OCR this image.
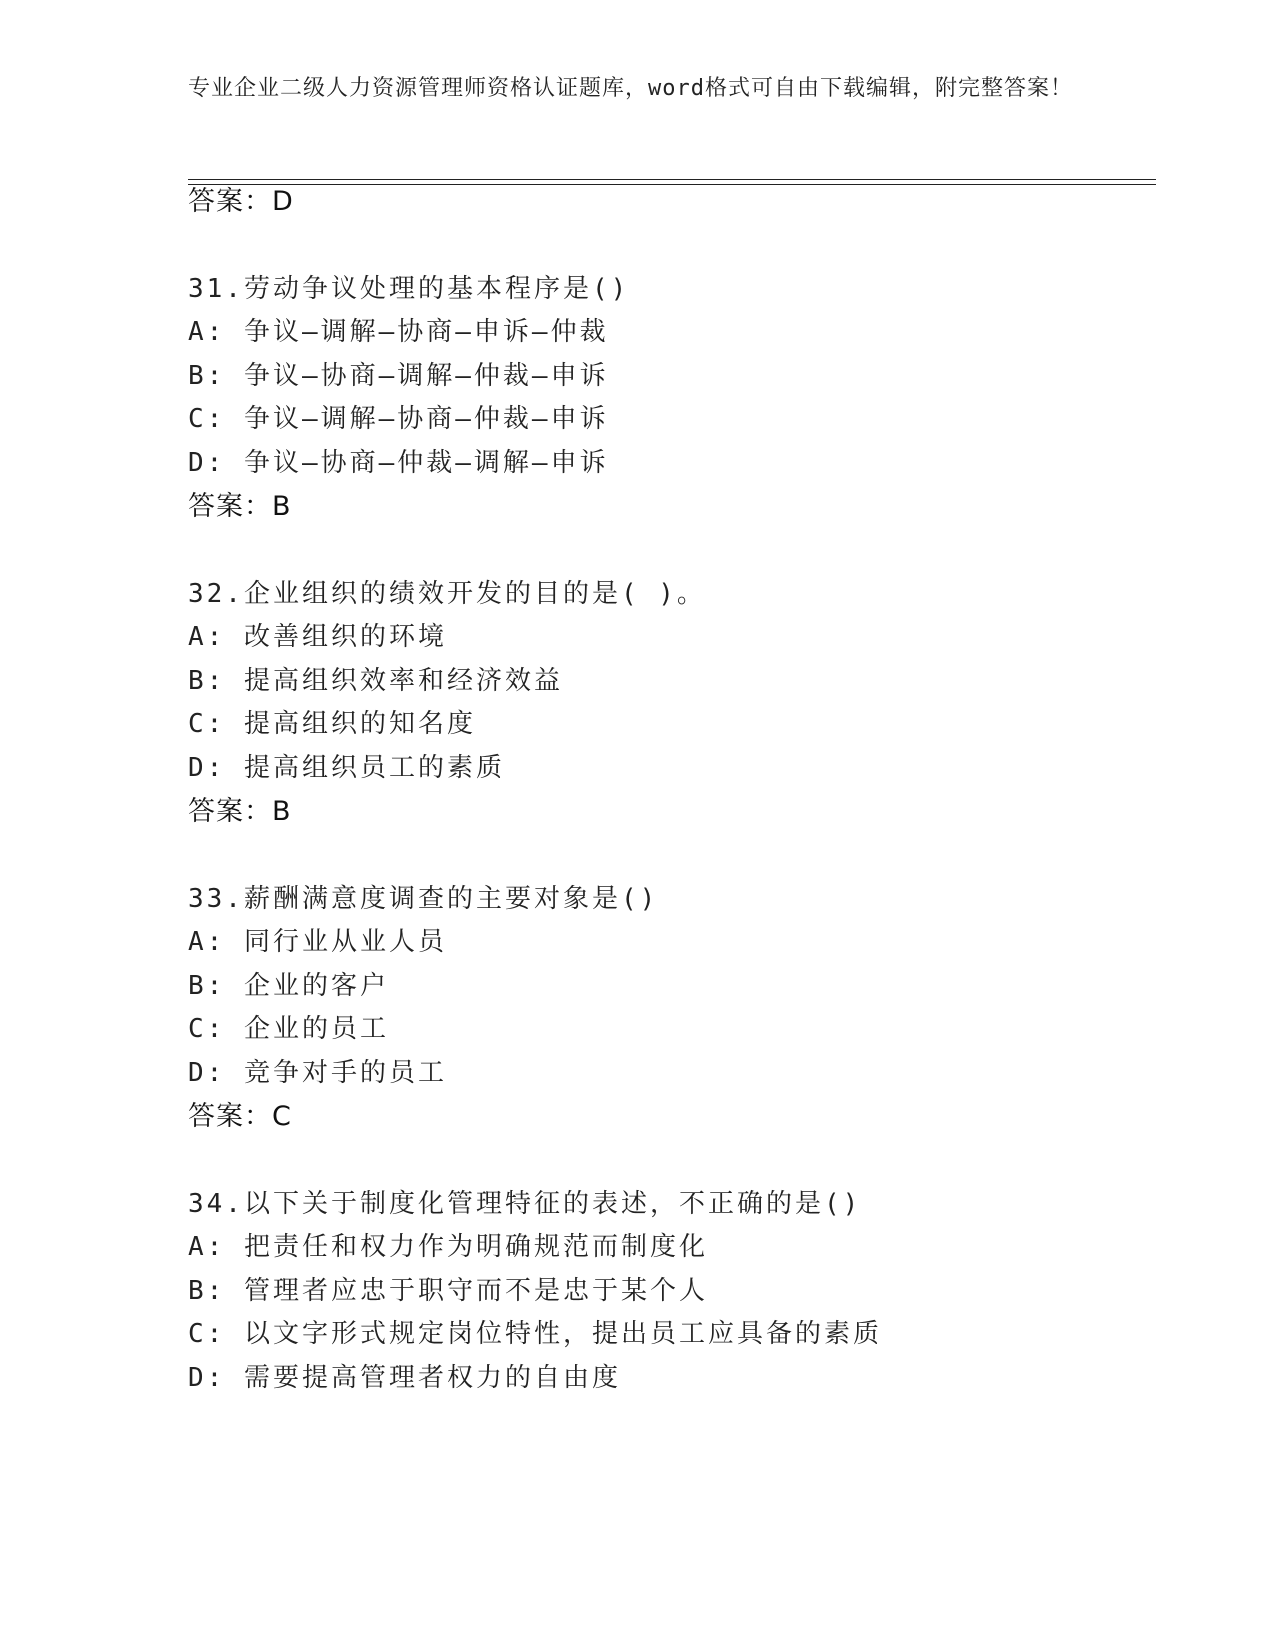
专业企业二级人力资源管理师资格认证题库，word格式可自由下载编辑，附完整答案！
答案：D
31.劳动争议处理的基本程序是()
A: 争议—调解—协商—申诉—仲裁
B: 争议—协商—调解—仲裁—申诉
C: 争议—调解—协商—仲裁—申诉
D: 争议—协商—仲裁—调解—申诉
答案：B
32.企业组织的绩效开发的目的是( )。
A: 改善组织的环境
B: 提高组织效率和经济效益
C: 提高组织的知名度
D: 提高组织员工的素质
答案：B
33.薪酬满意度调查的主要对象是()
A: 同行业从业人员
B: 企业的客户
C: 企业的员工
D: 竞争对手的员工
答案：C
34.以下关于制度化管理特征的表述，不正确的是()
A: 把责任和权力作为明确规范而制度化
B: 管理者应忠于职守而不是忠于某个人
C: 以文字形式规定岗位特性，提出员工应具备的素质
D: 需要提高管理者权力的自由度
